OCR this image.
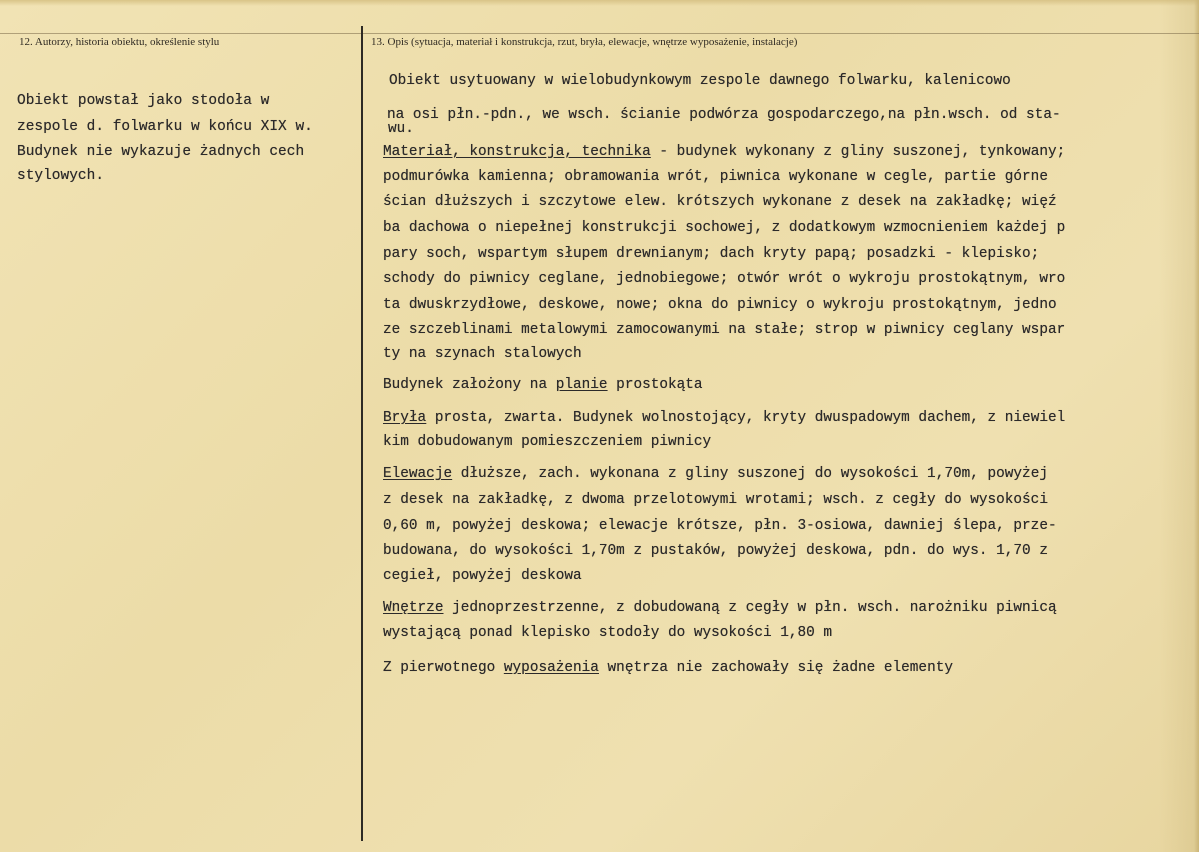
12. Autorzy, historia obiektu, określenie stylu	13. Opis (sytuacja, materiał i konstrukcja, rzut, bryła, elewacje, wnętrze wyposażenie, instalacje)
Obiekt powstał jako stodoła w
zespole d. folwarku w końcu XIX w.
Budynek nie wykazuje żadnych cech
stylowych.
Obiekt usytuowany w wielobudynkowym zespole dawnego folwarku, kalenicowo
na osi płn.-pdn., we wsch. ścianie podwórza gospodarczego,na płn.wsch. od sta-
wu.
Materiał, konstrukcja, technika - budynek wykonany z gliny suszonej, tynkowany;
podmurówka kamienna; obramowania wrót, piwnica wykonane w cegle, partie górne
ścian dłuższych i szczytowe elew. krótszych wykonane z desek na zakładkę; więź
ba dachowa o niepełnej konstrukcji sochowej, z dodatkowym wzmocnieniem każdej p
pary soch, wspartym słupem drewnianym; dach kryty papą; posadzki - klepisko;
schody do piwnicy ceglane, jednobiegowe; otwór wrót o wykroju prostokątnym, wro
ta dwuskrzydłowe, deskowe, nowe; okna do piwnicy o wykroju prostokątnym, jedno
ze szczeblinami metalowymi zamocowanymi na stałe; strop w piwnicy ceglany wspar
ty na szynach stalowych
Budynek założony na planie prostokąta
Bryła prosta, zwarta. Budynek wolnostojący, kryty dwuspadowym dachem, z niewiel
kim dobudowanym pomieszczeniem piwnicy
Elewacje dłuższe, zach. wykonana z gliny suszonej do wysokości 1,70m, powyżej
z desek na zakładkę, z dwoma przelotowymi wrotami; wsch. z cegły do wysokości
0,60 m, powyżej deskowa; elewacje krótsze, płn. 3-osiowa, dawniej ślepa, prze-
budowana, do wysokości 1,70m z pustaków, powyżej deskowa, pdn. do wys. 1,70 z
cegieł, powyżej deskowa
Wnętrze jednoprzestrzenne, z dobudowaną z cegły w płn. wsch. narożniku piwnicą
wystającą ponad klepisko stodoły do wysokości 1,80 m
Z pierwotnego wyposażenia wnętrza nie zachowały się żadne elementy
